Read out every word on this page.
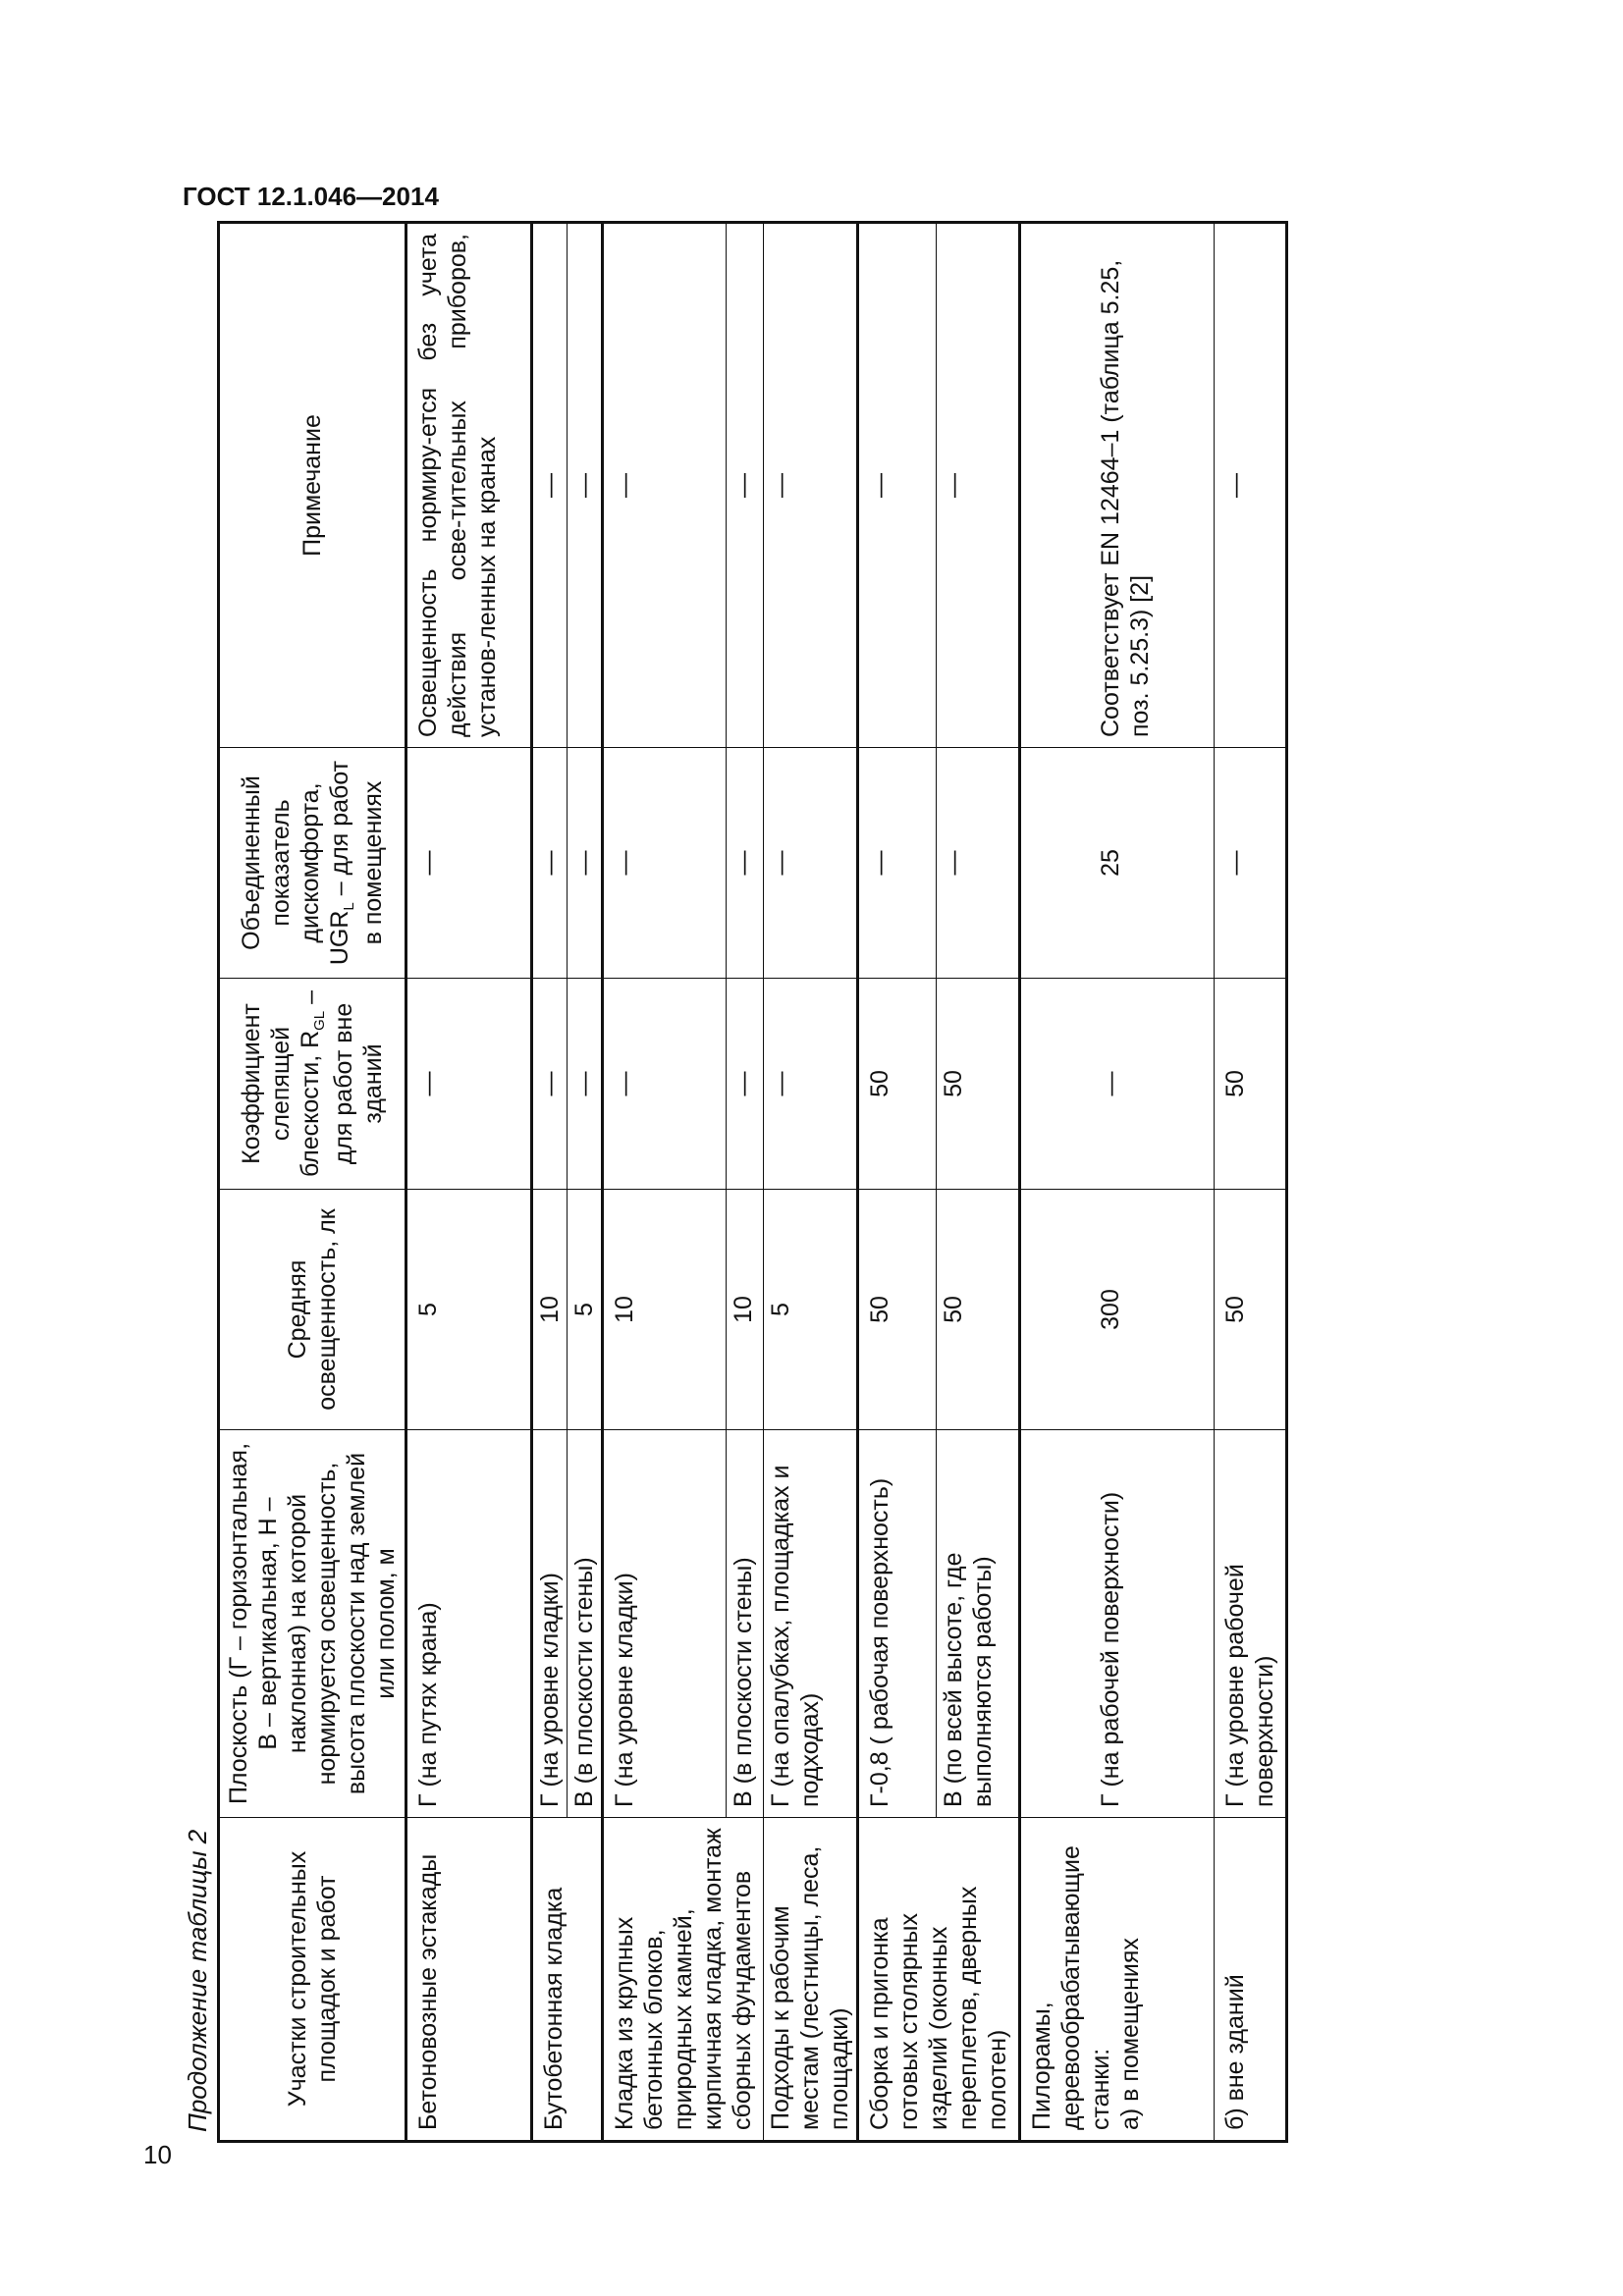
ГОСТ 12.1.046—2014
Продолжение таблицы 2
10
Участки строительных площадок и работ	Плоскость (Г – горизонтальная, В – вертикальная, Н – наклонная) на которой нормируется освещенность, высота плоскости над землей или полом, м	Средняя освещенность, лк	Коэффициент слепящей блескости, $R_{GL}$ – для работ вне зданий	Объединенный показатель дискомфорта, $UGR_L$ – для работ в помещениях	Примечание
Бетоновозные эстакады	Г (на путях крана)	5	—	—	Освещенность нормиру-ется без учета действия осве-тительных приборов, установ-ленных на кранах
Бутобетонная кладка	Г (на уровне кладки)	10	—	—	—
	В (в плоскости стены)	5	—	—	—
Кладка из крупных бетонных блоков, природных камней, кирпичная кладка, монтаж сборных фундаментов	Г (на уровне кладки)	10	—	—	—
	В (в плоскости стены)	10	—	—	—
Подходы к рабочим местам (лестницы, леса, площадки)	Г (на опалубках, площадках и подходах)	5	—	—	—
Сборка и пригонка готовых столярных изделий (оконных переплетов, дверных полотен)	Г-0,8 ( рабочая поверхность)	50	50	—	—
	В (по всей высоте, где выполняются работы)	50	50	—	—

Пилорамы, деревообрабатывающие станки: а) в помещениях	Г (на рабочей поверхности)	300	—	25	Соответствует EN 12464–1 (таблица 5.25, поз. 5.25.3) [2]
б) вне зданий	Г (на уровне рабочей поверхности)	50	50	—	—
